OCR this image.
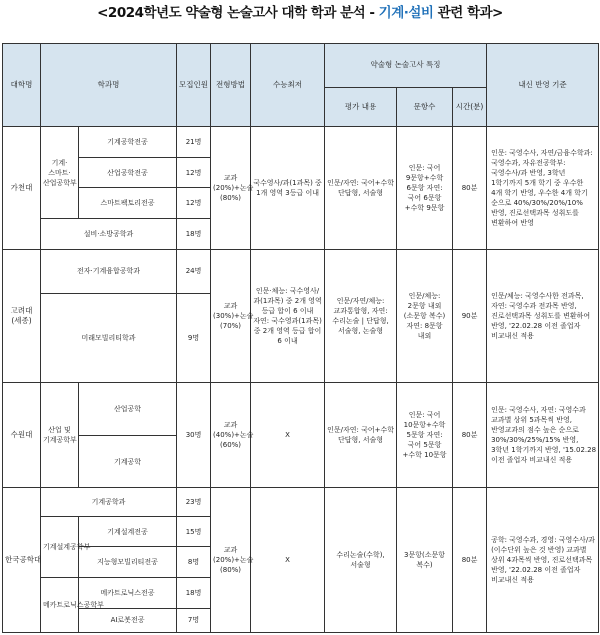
<2024학년도 약술형 논술고사 대학 학과 분석 - 기계·설비 관련 학과>
대학명	학과명		모집인원	전형방법	수능최저	약술형 논술고사 특징			내신 반영 기준
						평가 내용	문항수	시간(분)	
가천대	기계·스마트·산업공학부	기계공학전공	21명	교과(20%)+논술(80%)	국수영사/과(1과목) 중 1개 영역 3등급 이내	인문/자연: 국어+수학 단답형, 서술형	인문: 국어 9문항+수학 6문항 자연: 국어 6문항+수학 9문항	80분	인문: 국영수사, 자연/금융수학과: 국영수과, 자유전공학부: 국영수사/과 반영, 3학년 1학기까지 5개 학기 중 우수한 4개 학기 반영, 우수한 4개 학기 순으로 40%/30%/20%/10% 반영, 진로선택과목 성취도를 변환하여 반영
		산업공학전공	12명						
		스마트팩토리전공	12명						
	설비·소방공학과		18명						
고려대(세종)	전자·기계융합공학과		24명	교과(30%)+논술(70%)	인문·체능: 국수영사/과(1과목) 중 2개 영역 등급 합이 6 이내 자연: 국수영과(1과목) 중 2개 영역 등급 합이 6 이내	인문/자연/체능: 교과통합형, 자연: 수리논술 | 단답형, 서술형, 논술형	인문/체능: 2문항 내외(소문항 복수) 자연: 8문항 내외	90분	인문/체능: 국영수사한 전과목, 자연: 국영수과 전과목 반영, 진로선택과목 성취도를 변환하여 반영, '22.02.28 이전 졸업자 비교내신 적용
	미래모빌리티학과		9명						
수원대	산업 및 기계공학부	산업공학	30명	교과(40%)+논술(60%)	X	인문/자연: 국어+수학 단답형, 서술형	인문: 국어 10문항+수학 5문항 자연: 국어 5문항+수학 10문항	80분	인문: 국영수사, 자연: 국영수과 교과별 상위 5과목씩 반영, 반영교과의 점수 높은 순으로 30%/30%/25%/15% 반영, 3학년 1학기까지 반영, '15.02.28 이전 졸업자 비교내신 적용
		기계공학							
한국공학대	기계공학과		23명	교과(20%)+논술(80%)	X	수리논술(수학), 서술형	3문항(소문항 복수)	80분	공학: 국영수과, 경영: 국영수사/과(이수단위 높은 것 반영) 교과별 상위 4과목씩 반영, 진로선택과목 반영, '22.02.28 이전 졸업자 비교내신 적용
	기계설계공학부	기계설계전공	15명						
		지능형모빌리티전공	8명						
	메카트로닉스공학부	메카트로닉스전공	18명						
		AI로봇전공	7명						
